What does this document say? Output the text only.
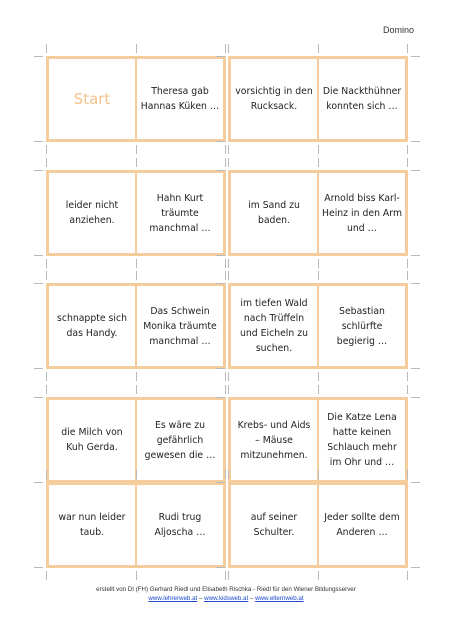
Domino
Start	Theresa gab Hannas Küken …
vorsichtig in den Rucksack.
Die Nackthühner konnten sich …
leider nicht anziehen.
Hahn Kurt träumte manchmal …
im Sand zu baden.
Arnold biss Karl-Heinz in den Arm und …
schnappte sich das Handy.
Das Schwein Monika träumte manchmal …
im tiefen Wald nach Trüffeln und Eicheln zu suchen.
Sebastian schlürfte begierig …
die Milch von Kuh Gerda.
Es wäre zu gefährlich gewesen die …
Krebs- und Aids – Mäuse mitzunehmen.
Die Katze Lena hatte keinen Schlauch mehr im Ohr und …
war nun leider taub.
Rudi trug Aljoscha …
auf seiner Schulter.
Jeder sollte dem Anderen …
erstellt von DI (FH) Gerhard Riedl und Elisabeth Rischka - Riedl für den Wiener Bildungsserver
www.lehrerweb.at – www.kidsweb.at – www.elternweb.at
